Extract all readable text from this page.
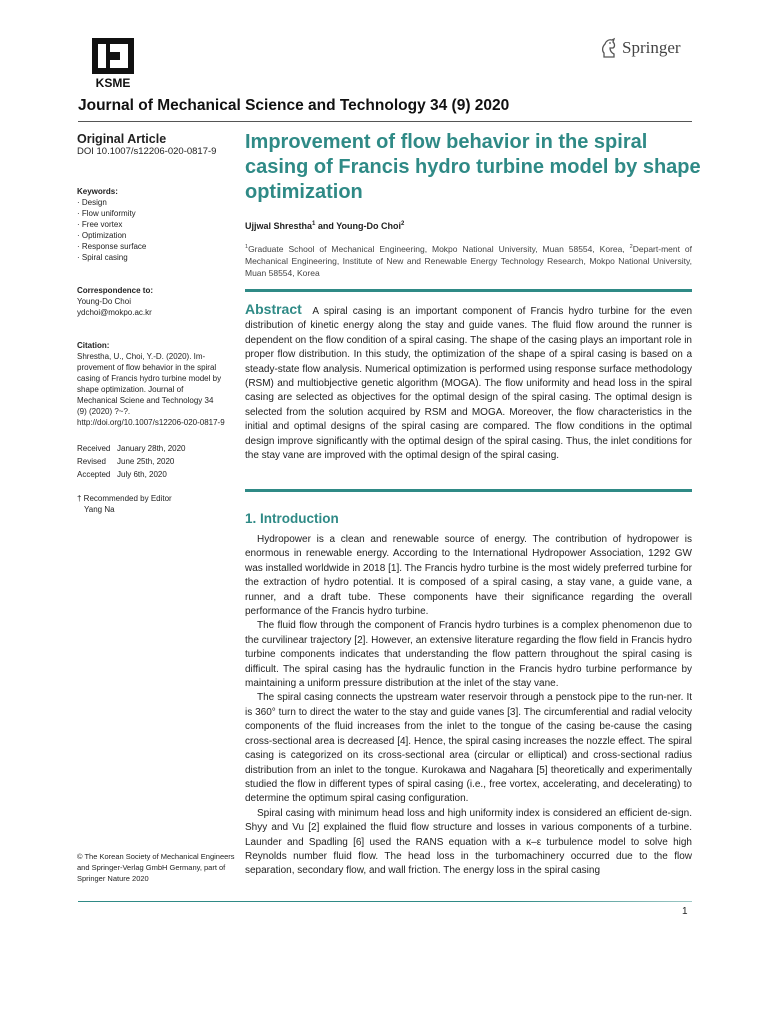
KSME
Springer
Journal of Mechanical Science and Technology 34 (9) 2020
Original Article
DOI 10.1007/s12206-020-0817-9
Keywords:
· Design
· Flow uniformity
· Free vortex
· Optimization
· Response surface
· Spiral casing
Correspondence to:
Young-Do Choi
ydchoi@mokpo.ac.kr
Citation:
Shrestha, U., Choi, Y.-D. (2020). Im-provement of flow behavior in the spiral casing of Francis hydro turbine model by shape optimization. Journal of Mechanical Sciene and Technology 34 (9) (2020) ?~?. http://doi.org/10.1007/s12206-020-0817-9
Received January 28th, 2020
Revised	June 25th, 2020
Accepted July 6th, 2020
† Recommended by Editor
Yang Na
Improvement of flow behavior in the spiral casing of Francis hydro turbine model by shape optimization
Ujjwal Shrestha$^1$ and Young-Do Choi$^2$
$^1$Graduate School of Mechanical Engineering, Mokpo National University, Muan 58554, Korea, $^2$Depart-ment of Mechanical Engineering, Institute of New and Renewable Energy Technology Research, Mokpo National University, Muan 58554, Korea
Abstract A spiral casing is an important component of Francis hydro turbine for the even distribution of kinetic energy along the stay and guide vanes. The fluid flow around the runner is dependent on the flow condition of a spiral casing. The shape of the casing plays an important role in proper flow distribution. In this study, the optimization of the shape of a spiral casing is based on a steady-state flow analysis. Numerical optimization is performed using response surface methodology (RSM) and multiobjective genetic algorithm (MOGA). The flow uniformity and head loss in the spiral casing are selected as objectives for the optimal design of the spiral casing. The optimal design is selected from the solution acquired by RSM and MOGA. Moreover, the flow characteristics in the initial and optimal designs of the spiral casing are compared. The flow conditions in the optimal design improve significantly with the optimal design of the spiral casing. Thus, the inlet conditions for the stay vane are improved with the optimal design of the spiral casing.
1. Introduction

Hydropower is a clean and renewable source of energy. The contribution of hydropower is enormous in renewable energy. According to the International Hydropower Association, 1292 GW was installed worldwide in 2018 [1]. The Francis hydro turbine is the most widely preferred turbine for the extraction of hydro potential. It is composed of a spiral casing, a stay vane, a guide vane, a runner, and a draft tube. These components have their significance regarding the overall performance of the Francis hydro turbine.

The fluid flow through the component of Francis hydro turbines is a complex phenomenon due to the curvilinear trajectory [2]. However, an extensive literature regarding the flow field in Francis hydro turbine components indicates that understanding the flow pattern throughout the spiral casing is difficult. The spiral casing has the hydraulic function in the Francis hydro turbine performance by maintaining a uniform pressure distribution at the inlet of the stay vane.

The spiral casing connects the upstream water reservoir through a penstock pipe to the run-ner. It is 360° turn to direct the water to the stay and guide vanes [3]. The circumferential and radial velocity components of the fluid increases from the inlet to the tongue of the casing be-cause the casing cross-sectional area is decreased [4]. Hence, the spiral casing increases the nozzle effect. The spiral casing is categorized on its cross-sectional area (circular or elliptical) and cross-sectional radius distribution from an inlet to the tongue. Kurokawa and Nagahara [5] theoretically and experimentally studied the flow in different types of spiral casing (i.e., free vortex, accelerating, and decelerating) to determine the optimum spiral casing configuration.

Spiral casing with minimum head loss and high uniformity index is considered an efficient de-sign. Shyy and Vu [2] explained the fluid flow structure and losses in various components of a turbine. Launder and Spadling [6] used the RANS equation with a κ–ε turbulence model to solve high Reynolds number fluid flow. The head loss in the turbomachinery occurred due to the flow separation, secondary flow, and wall friction. The energy loss in the spiral casing

© The Korean Society of Mechanical Engineers and Springer-Verlag GmbH Germany, part of Springer Nature 2020
1
